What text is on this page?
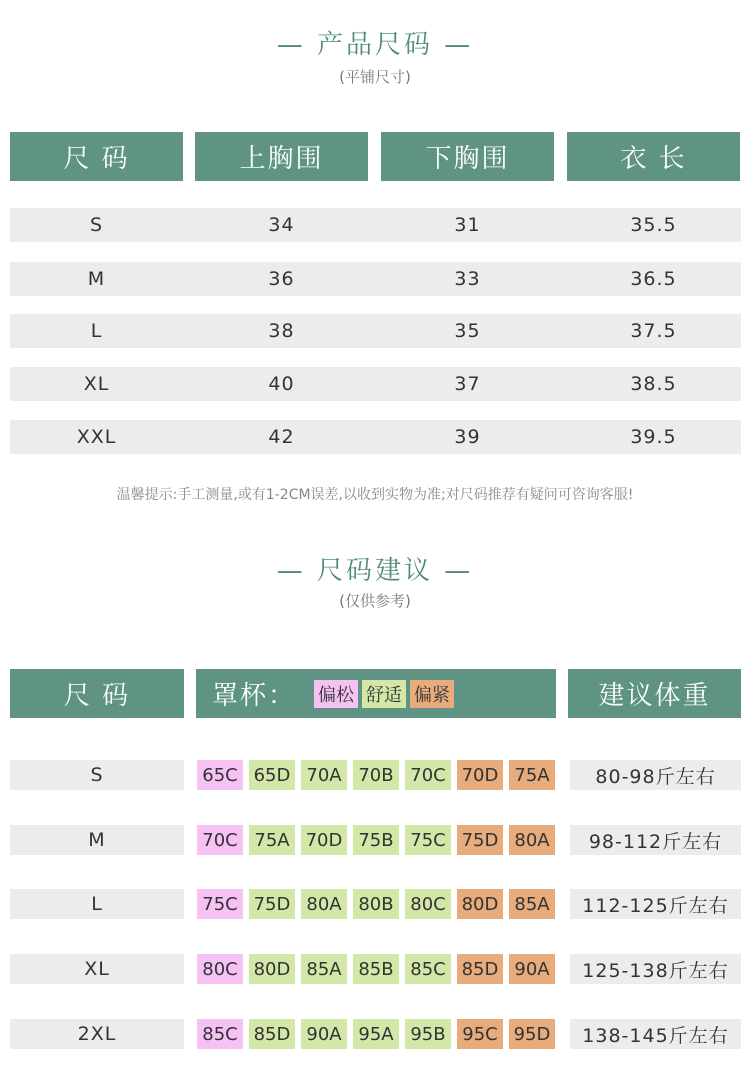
— 产品尺码 —
(平铺尺寸)
尺 码	上胸围	下胸围	衣 长
S	34	31	35.5
M	36	33	36.5
L	38	35	37.5
XL	40	37	38.5
XXL	42	39	39.5
温馨提示:手工测量,或有1-2CM误差,以收到实物为准;对尺码推荐有疑问可咨询客服!
— 尺码建议 —
(仅供参考)
尺 码	罩杯： 偏松 舒适 偏紧	建议体重
S	65C 65D 70A 70B 70C 70D 75A	80-98斤左右
M	70C 75A 70D 75B 75C 75D 80A	98-112斤左右
L	75C 75D 80A 80B 80C 80D 85A	112-125斤左右
XL	80C 80D 85A 85B 85C 85D 90A	125-138斤左右
2XL	85C 85D 90A 95A 95B 95C 95D	138-145斤左右
